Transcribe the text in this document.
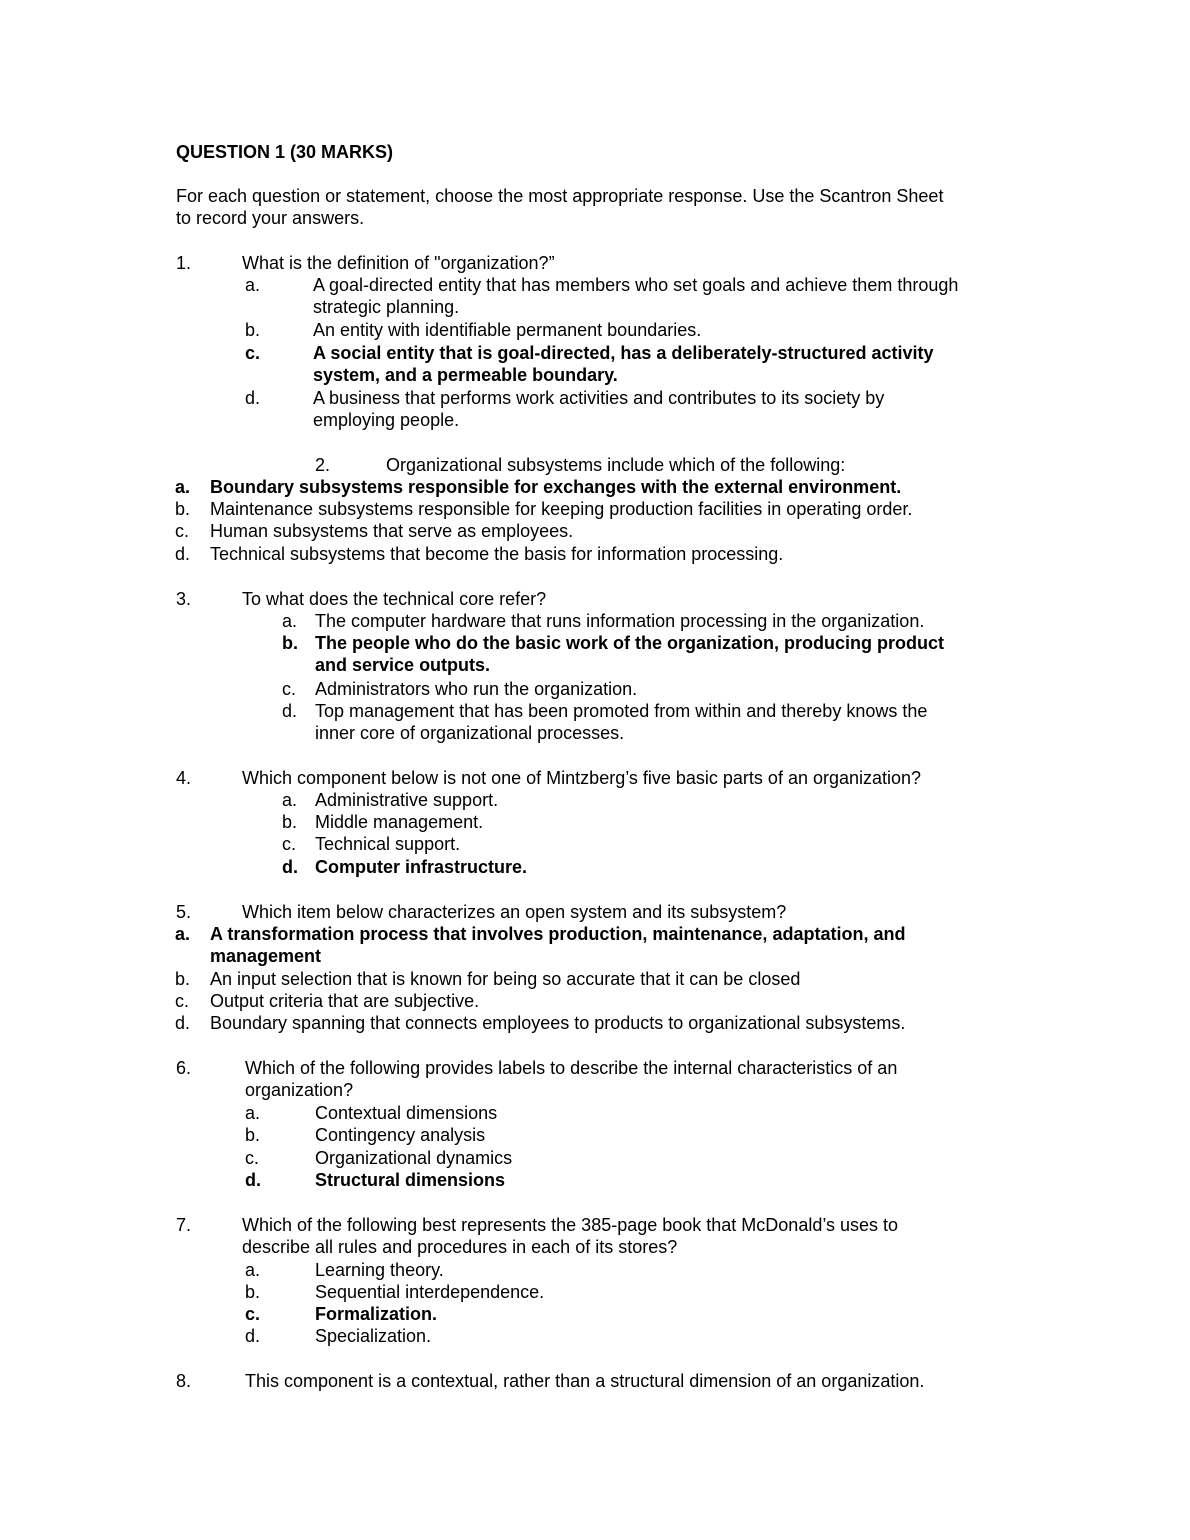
QUESTION 1 (30 MARKS)
For each question or statement, choose the most appropriate response. Use the Scantron Sheet
to record your answers.
1.	What is the definition of "organization?”
a.	A goal-directed entity that has members who set goals and achieve them through
strategic planning.
b.	An entity with identifiable permanent boundaries.
c.	A social entity that is goal-directed, has a deliberately-structured activity
system, and a permeable boundary.
d.	A business that performs work activities and contributes to its society by
employing people.
2.	Organizational subsystems include which of the following:
a. Boundary subsystems responsible for exchanges with the external environment.
b. Maintenance subsystems responsible for keeping production facilities in operating order.
c. Human subsystems that serve as employees.
d. Technical subsystems that become the basis for information processing.
3.	To what does the technical core refer?
a. The computer hardware that runs information processing in the organization.
b. The people who do the basic work of the organization, producing product
and service outputs.
c. Administrators who run the organization.
d. Top management that has been promoted from within and thereby knows the
inner core of organizational processes.
4.	Which component below is not one of Mintzberg’s five basic parts of an organization?
a. Administrative support.
b. Middle management.
c. Technical support.
d. Computer infrastructure.
5.	Which item below characterizes an open system and its subsystem?
a. A transformation process that involves production, maintenance, adaptation, and
management
b. An input selection that is known for being so accurate that it can be closed
c. Output criteria that are subjective.
d. Boundary spanning that connects employees to products to organizational subsystems.
6.	Which of the following provides labels to describe the internal characteristics of an
organization?
a.	Contextual dimensions
b.	Contingency analysis
c.	Organizational dynamics
d.	Structural dimensions
7.	Which of the following best represents the 385-page book that McDonald’s uses to
describe all rules and procedures in each of its stores?
a.	Learning theory.
b.	Sequential interdependence.
c.	Formalization.
d.	Specialization.
8.	This component is a contextual, rather than a structural dimension of an organization.
